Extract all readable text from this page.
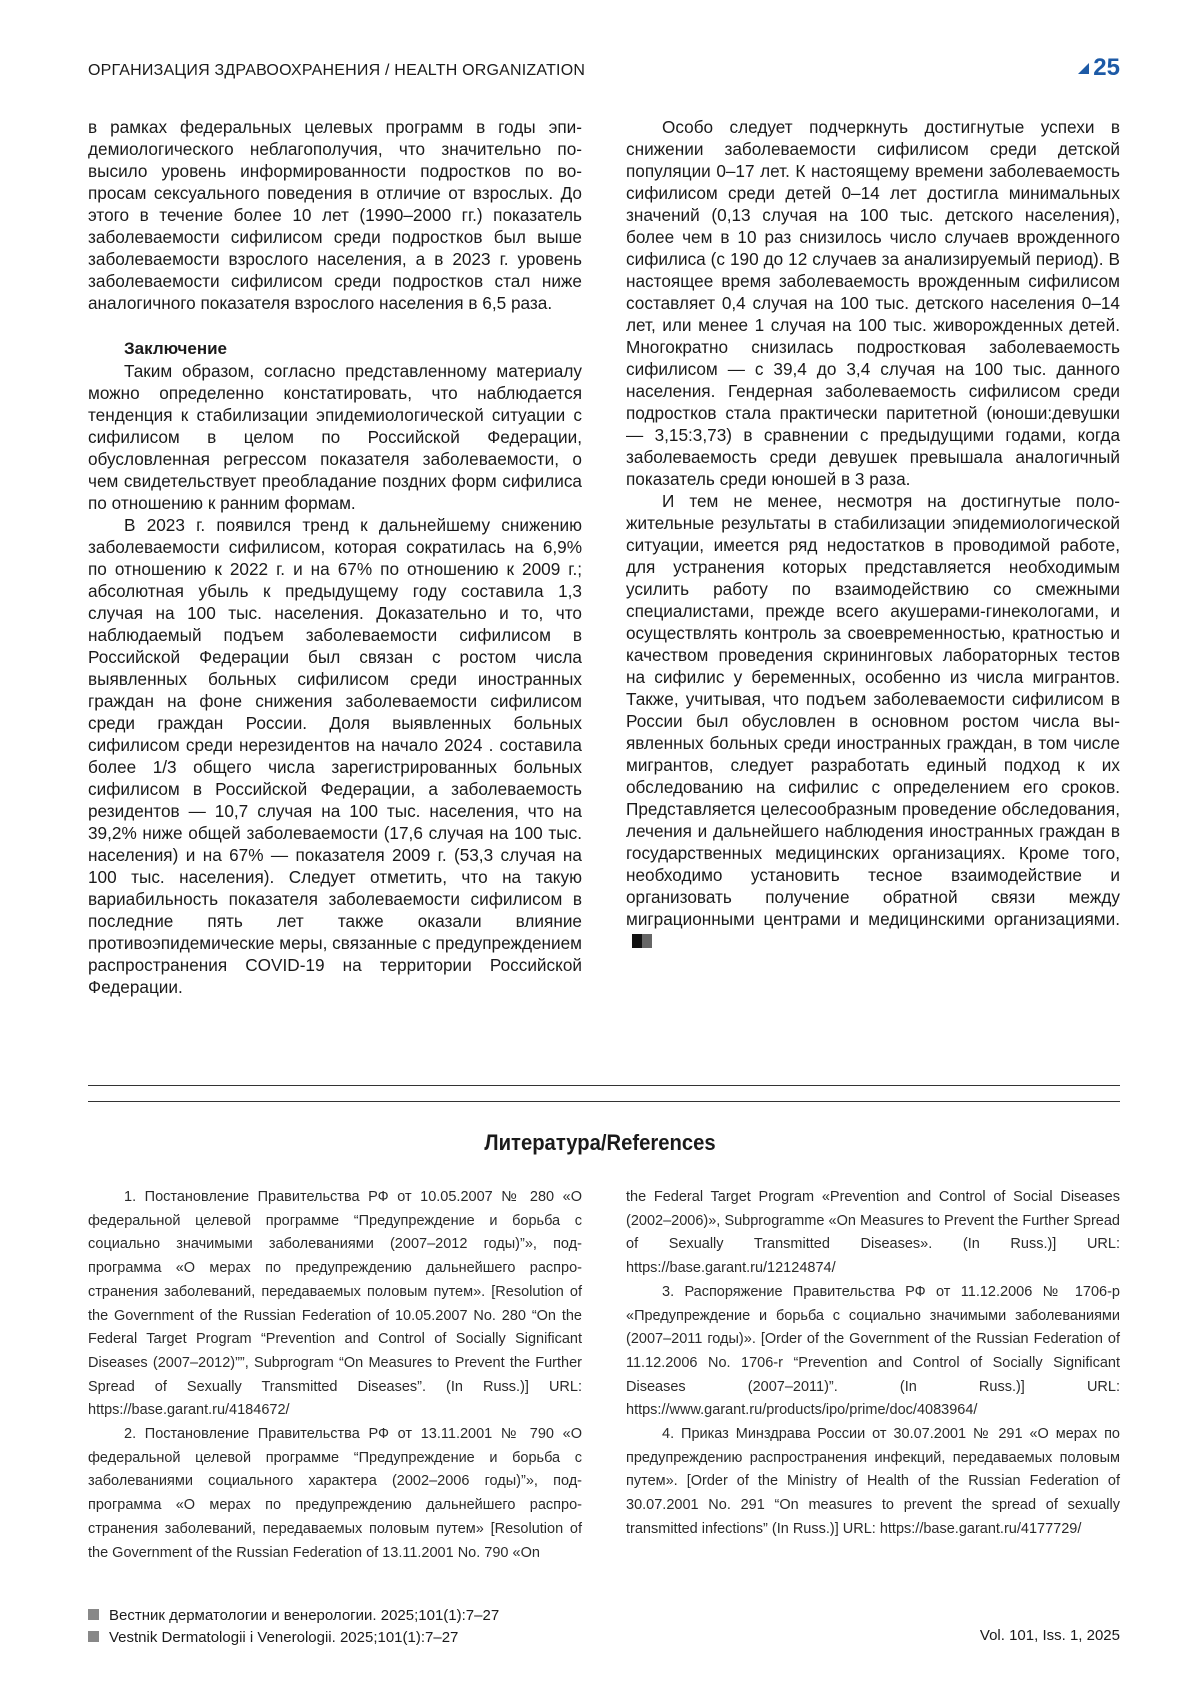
ОРГАНИЗАЦИЯ ЗДРАВООХРАНЕНИЯ / HEALTH ORGANIZATION	25

в рамках федеральных целевых программ в годы эпидемиологического неблагополучия, что значительно повысило уровень информированности подростков по вопросам сексуального поведения в отличие от взрослых. До этого в течение более 10 лет (1990–2000 гг.) показатель заболеваемости сифилисом среди подростков был выше заболеваемости взрослого населения, а в 2023 г. уровень заболеваемости сифилисом среди подростков стал ниже аналогичного показателя взрослого населения в 6,5 раза.

Заключение

Таким образом, согласно представленному материалу можно определенно констатировать, что наблюдается тенденция к стабилизации эпидемиологической ситуации с сифилисом в целом по Российской Федерации, обусловленная регрессом показателя заболеваемости, о чем свидетельствует преобладание поздних форм сифилиса по отношению к ранним формам.

В 2023 г. появился тренд к дальнейшему снижению заболеваемости сифилисом, которая сократилась на 6,9% по отношению к 2022 г. и на 67% по отношению к 2009 г.; абсолютная убыль к предыдущему году составила 1,3 случая на 100 тыс. населения. Доказательно и то, что наблюдаемый подъем заболеваемости сифилисом в Российской Федерации был связан с ростом числа выявленных больных сифилисом среди иностранных граждан на фоне снижения заболеваемости сифилисом среди граждан России. Доля выявленных больных сифилисом среди нерезидентов на начало 2024 . составила более 1/3 общего числа зарегистрированных больных сифилисом в Российской Федерации, а заболеваемость резидентов — 10,7 случая на 100 тыс. населения, что на 39,2% ниже общей заболеваемости (17,6 случая на 100 тыс. населения) и на 67% — показателя 2009 г. (53,3 случая на 100 тыс. населения). Следует отметить, что на такую вариабильность показателя заболеваемости сифилисом в последние пять лет также оказали влияние противоэпидемические меры, связанные с предупреждением распространения COVID-19 на территории Российской Федерации.

Особо следует подчеркнуть достигнутые успехи в снижении заболеваемости сифилисом среди детской популяции 0–17 лет. К настоящему времени заболеваемость сифилисом среди детей 0–14 лет достигла минимальных значений (0,13 случая на 100 тыс. детского населения), более чем в 10 раз снизилось число случаев врожденного сифилиса (с 190 до 12 случаев за анализируемый период). В настоящее время заболеваемость врожденным сифилисом составляет 0,4 случая на 100 тыс. детского населения 0–14 лет, или менее 1 случая на 100 тыс. живорожденных детей. Многократно снизилась подростковая заболеваемость сифилисом — с 39,4 до 3,4 случая на 100 тыс. данного населения. Гендерная заболеваемость сифилисом среди подростков стала практически паритетной (юноши:девушки — 3,15:3,73) в сравнении с предыдущими годами, когда заболеваемость среди девушек превышала аналогичный показатель среди юношей в 3 раза.

И тем не менее, несмотря на достигнутые положительные результаты в стабилизации эпидемиологической ситуации, имеется ряд недостатков в проводимой работе, для устранения которых представляется необходимым усилить работу по взаимодействию со смежными специалистами, прежде всего акушерами-гинекологами, и осуществлять контроль за своевременностью, кратностью и качеством проведения скрининговых лабораторных тестов на сифилис у беременных, особенно из числа мигрантов. Также, учитывая, что подъем заболеваемости сифилисом в России был обусловлен в основном ростом числа выявленных больных среди иностранных граждан, в том числе мигрантов, следует разработать единый подход к их обследованию на сифилис с определением его сроков. Представляется целесообразным проведение обследования, лечения и дальнейшего наблюдения иностранных граждан в государственных медицинских организациях. Кроме того, необходимо установить тесное взаимодействие и организовать получение обратной связи между миграционными центрами и медицинскими организациями.

Литература/References

1. Постановление Правительства РФ от 10.05.2007 № 280 «О федеральной целевой программе “Предупреждение и борьба с социально значимыми заболеваниями (2007–2012 годы)”», подпрограмма «О мерах по предупреждению дальнейшего распространения заболеваний, передаваемых половым путем». [Resolution of the Government of the Russian Federation of 10.05.2007 No. 280 “On the Federal Target Program “Prevention and Control of Socially Significant Diseases (2007–2012)””, Subprogram “On Measures to Prevent the Further Spread of Sexually Transmitted Diseases”. (In Russ.)] URL: https://base.garant.ru/4184672/

2. Постановление Правительства РФ от 13.11.2001 № 790 «О федеральной целевой программе “Предупреждение и борьба с заболеваниями социального характера (2002–2006 годы)”», подпрограмма «О мерах по предупреждению дальнейшего распространения заболеваний, передаваемых половым путем» [Resolution of the Government of the Russian Federation of 13.11.2001 No. 790 «On

the Federal Target Program «Prevention and Control of Social Diseases (2002–2006)», Subprogramme «On Measures to Prevent the Further Spread of Sexually Transmitted Diseases». (In Russ.)] URL: https://base.garant.ru/12124874/

3. Распоряжение Правительства РФ от 11.12.2006 № 1706-р «Предупреждение и борьба с социально значимыми заболеваниями (2007–2011 годы)». [Order of the Government of the Russian Federation of 11.12.2006 No. 1706-r “Prevention and Control of Socially Significant Diseases (2007–2011)”. (In Russ.)] URL: https://www.garant.ru/products/ipo/prime/doc/4083964/

4. Приказ Минздрава России от 30.07.2001 № 291 «О мерах по предупреждению распространения инфекций, передаваемых половым путем». [Order of the Ministry of Health of the Russian Federation of 30.07.2001 No. 291 “On measures to prevent the spread of sexually transmitted infections” (In Russ.)] URL: https://base.garant.ru/4177729/

Вестник дерматологии и венерологии. 2025;101(1):7–27
Vestnik Dermatologii i Venerologii. 2025;101(1):7–27	Vol. 101, Iss. 1, 2025
